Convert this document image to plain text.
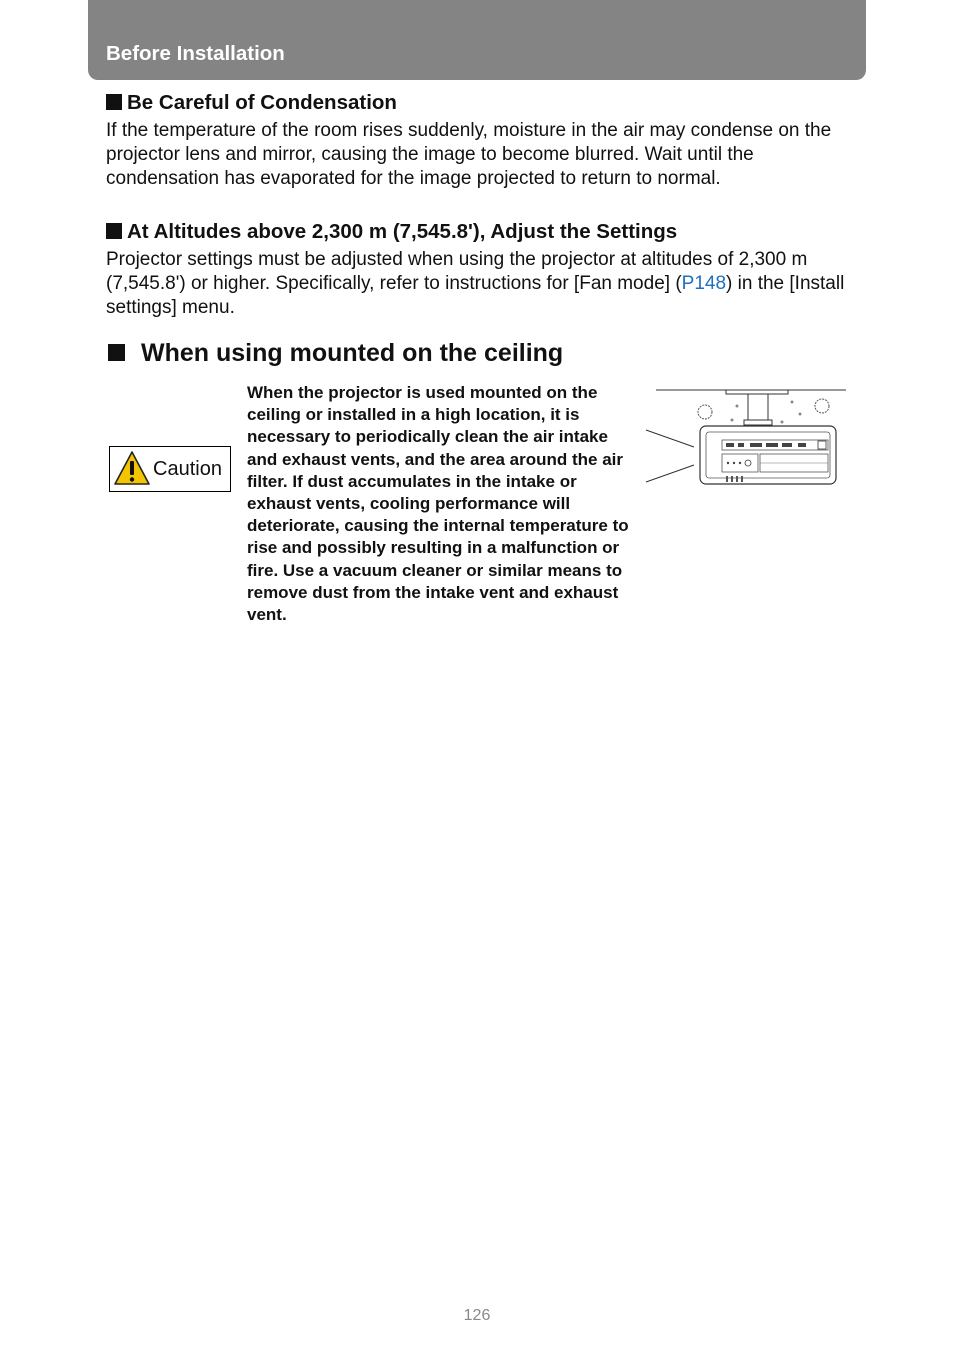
Before Installation
Be Careful of Condensation
If the temperature of the room rises suddenly, moisture in the air may condense on the projector lens and mirror, causing the image to become blurred. Wait until the condensation has evaporated for the image projected to return to normal.
At Altitudes above 2,300 m (7,545.8'), Adjust the Settings
Projector settings must be adjusted when using the projector at altitudes of 2,300 m (7,545.8') or higher. Specifically, refer to instructions for [Fan mode] (P148) in the [Install settings] menu.
When using mounted on the ceiling
Caution
When the projector is used mounted on the ceiling or installed in a high location, it is necessary to periodically clean the air intake and exhaust vents, and the area around the air filter. If dust accumulates in the intake or exhaust vents, cooling performance will deteriorate, causing the internal temperature to rise and possibly resulting in a malfunction or fire. Use a vacuum cleaner or similar means to remove dust from the intake vent and exhaust vent.
126
